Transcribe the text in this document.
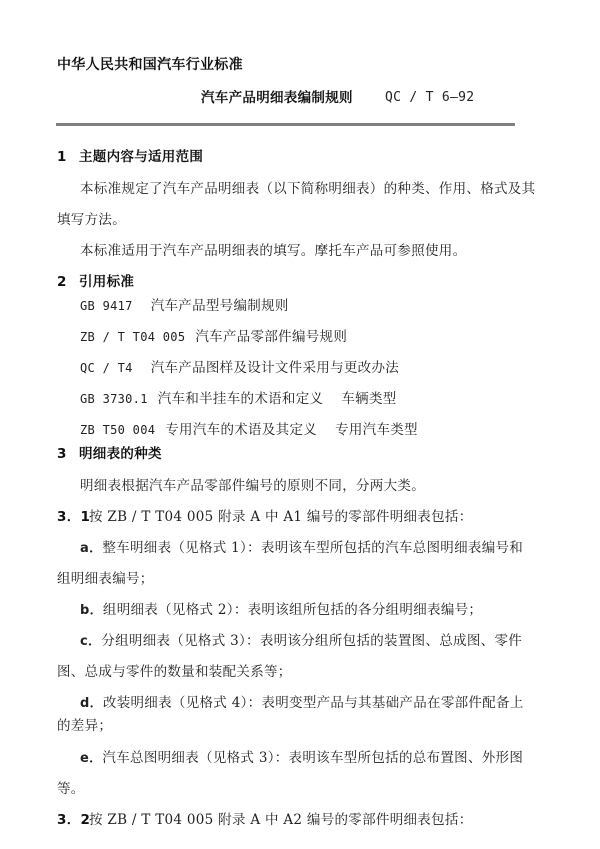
中华人民共和国汽车行业标准
汽车产品明细表编制规则 QC / T 6—92
1 主题内容与适用范围
本标准规定了汽车产品明细表（以下简称明细表）的种类、作用、格式及其
填写方法。
本标准适用于汽车产品明细表的填写。摩托车产品可参照使用。
2 引用标准
GB 9417 汽车产品型号编制规则
ZB / T T04 005 汽车产品零部件编号规则
QC / T4 汽车产品图样及设计文件采用与更改办法
GB 3730.1 汽车和半挂车的术语和定义 车辆类型
ZB T50 004 专用汽车的术语及其定义 专用汽车类型
3 明细表的种类
明细表根据汽车产品零部件编号的原则不同，分两大类。
3．1按 ZB / T T04 005 附录 A 中 A1 编号的零部件明细表包括：
a．整车明细表（见格式 1）：表明该车型所包括的汽车总图明细表编号和
组明细表编号；
b．组明细表（见格式 2）：表明该组所包括的各分组明细表编号；
c．分组明细表（见格式 3）：表明该分组所包括的装置图、总成图、零件
图、总成与零件的数量和装配关系等；
d．改装明细表（见格式 4）：表明变型产品与其基础产品在零部件配备上
的差异；
e．汽车总图明细表（见格式 3）：表明该车型所包括的总布置图、外形图
等。
3．2按 ZB / T T04 005 附录 A 中 A2 编号的零部件明细表包括：
